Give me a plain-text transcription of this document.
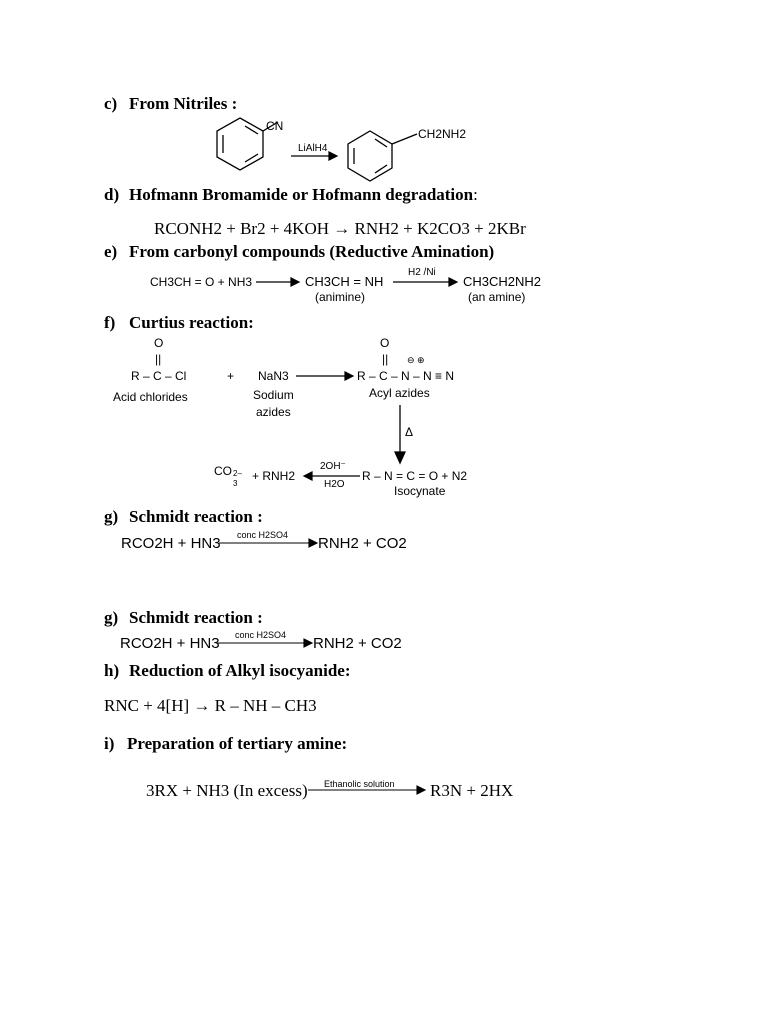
c) From Nitriles :
CN
LiAlH4
CH2NH2
d) Hofmann Bromamide or Hofmann degradation:
RCONH2 + Br2 + 4KOH → RNH2 + K2CO3 + 2KBr
e) From carbonyl compounds (Reductive Amination)
CH3CH = O + NH3	CH3CH = NH
(animine)
H2 /Ni
CH3CH2NH2
(an amine)
f) Curtius reaction:
O
||
R – C – Cl	+ NaN3
O
|| ⊖ ⊕
R – C – N – N ≡ N
Acid chlorides	Sodium
azides
Acyl azides
Δ
CO 2–
3
+ RNH2
2OH⁻
H2O
R – N = C = O + N2
Isocynate
g) Schmidt reaction :
RCO2H + HN3 conc H2SO4 RNH2 + CO2
g) Schmidt reaction :
RCO2H + HN3 conc H2SO4 RNH2 + CO2
h) Reduction of Alkyl isocyanide:
RNC + 4[H] → R – NH – CH3
i) Preparation of tertiary amine:
3RX + NH3 (In excess) Ethanolic solution R3N + 2HX
